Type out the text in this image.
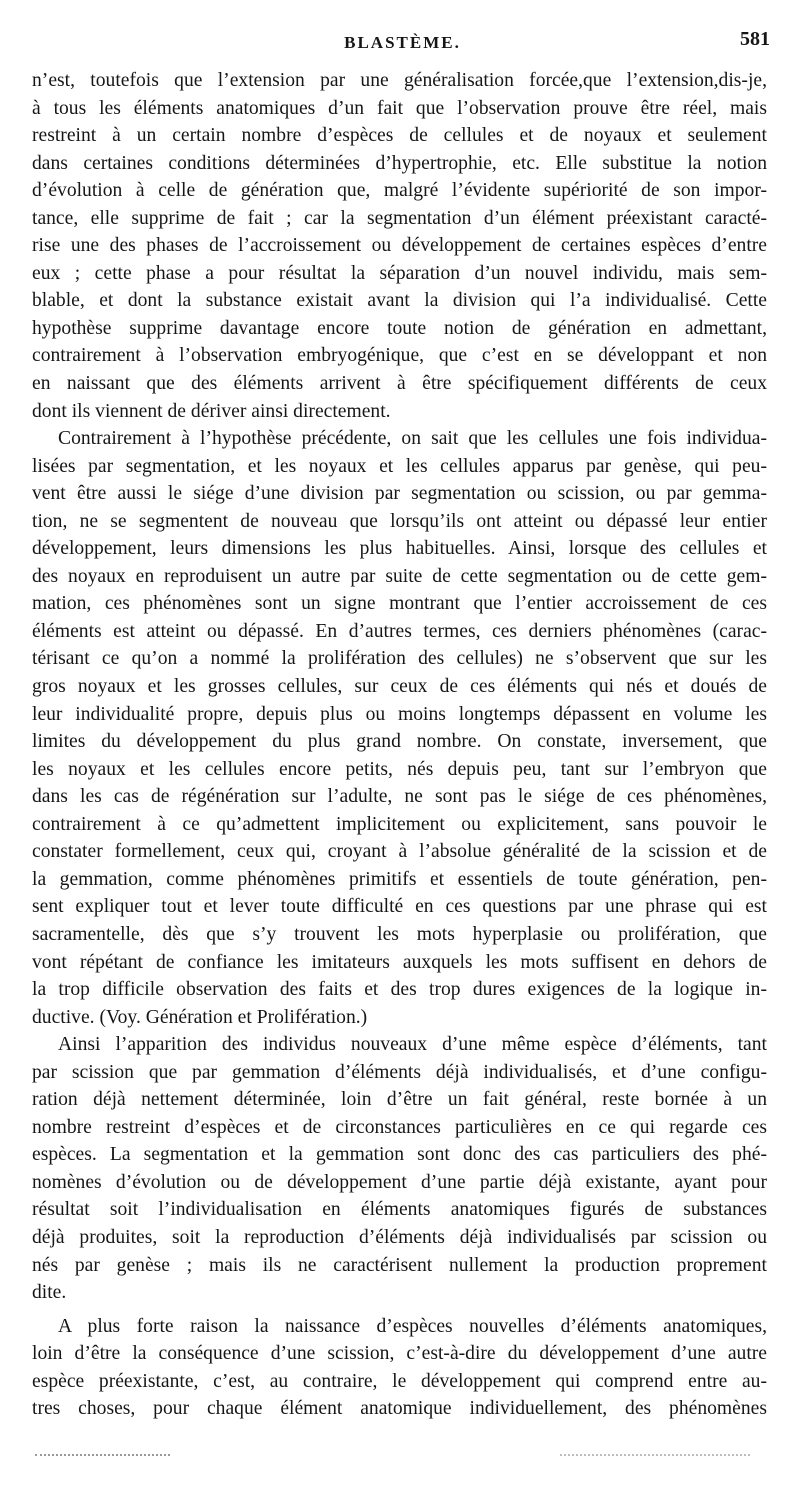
BLASTÈME.	581
n’est, toutefois que l’extension par une généralisation forcée,que l’extension,dis-je,
à tous les éléments anatomiques d’un fait que l’observation prouve être réel, mais
restreint à un certain nombre d’espèces de cellules et de noyaux et seulement
dans certaines conditions déterminées d’hypertrophie, etc. Elle substitue la notion
d’évolution à celle de génération que, malgré l’évidente supériorité de son impor-
tance, elle supprime de fait ; car la segmentation d’un élément préexistant caracté-
rise une des phases de l’accroissement ou développement de certaines espèces d’entre
eux ; cette phase a pour résultat la séparation d’un nouvel individu, mais sem-
blable, et dont la substance existait avant la division qui l’a individualisé. Cette
hypothèse supprime davantage encore toute notion de génération en admettant,
contrairement à l’observation embryogénique, que c’est en se développant et non
en naissant que des éléments arrivent à être spécifiquement différents de ceux
dont ils viennent de dériver ainsi directement.
Contrairement à l’hypothèse précédente, on sait que les cellules une fois individua-
lisées par segmentation, et les noyaux et les cellules apparus par genèse, qui peu-
vent être aussi le siége d’une division par segmentation ou scission, ou par gemma-
tion, ne se segmentent de nouveau que lorsqu’ils ont atteint ou dépassé leur entier
développement, leurs dimensions les plus habituelles. Ainsi, lorsque des cellules et
des noyaux en reproduisent un autre par suite de cette segmentation ou de cette gem-
mation, ces phénomènes sont un signe montrant que l’entier accroissement de ces
éléments est atteint ou dépassé. En d’autres termes, ces derniers phénomènes (carac-
térisant ce qu’on a nommé la prolifération des cellules) ne s’observent que sur les
gros noyaux et les grosses cellules, sur ceux de ces éléments qui nés et doués de
leur individualité propre, depuis plus ou moins longtemps dépassent en volume les
limites du développement du plus grand nombre. On constate, inversement, que
les noyaux et les cellules encore petits, nés depuis peu, tant sur l’embryon que
dans les cas de régénération sur l’adulte, ne sont pas le siége de ces phénomènes,
contrairement à ce qu’admettent implicitement ou explicitement, sans pouvoir le
constater formellement, ceux qui, croyant à l’absolue généralité de la scission et de
la gemmation, comme phénomènes primitifs et essentiels de toute génération, pen-
sent expliquer tout et lever toute difficulté en ces questions par une phrase qui est
sacramentelle, dès que s’y trouvent les mots hyperplasie ou prolifération, que
vont répétant de confiance les imitateurs auxquels les mots suffisent en dehors de
la trop difficile observation des faits et des trop dures exigences de la logique in-
ductive. (Voy. Génération et Prolifération.)
Ainsi l’apparition des individus nouveaux d’une même espèce d’éléments, tant
par scission que par gemmation d’éléments déjà individualisés, et d’une configu-
ration déjà nettement déterminée, loin d’être un fait général, reste bornée à un
nombre restreint d’espèces et de circonstances particulières en ce qui regarde ces
espèces. La segmentation et la gemmation sont donc des cas particuliers des phé-
nomènes d’évolution ou de développement d’une partie déjà existante, ayant pour
résultat soit l’individualisation en éléments anatomiques figurés de substances
déjà produites, soit la reproduction d’éléments déjà individualisés par scission ou
nés par genèse ; mais ils ne caractérisent nullement la production proprement
dite.
A plus forte raison la naissance d’espèces nouvelles d’éléments anatomiques,
loin d’être la conséquence d’une scission, c’est-à-dire du développement d’une autre
espèce préexistante, c’est, au contraire, le développement qui comprend entre au-
tres choses, pour chaque élément anatomique individuellement, des phénomènes
